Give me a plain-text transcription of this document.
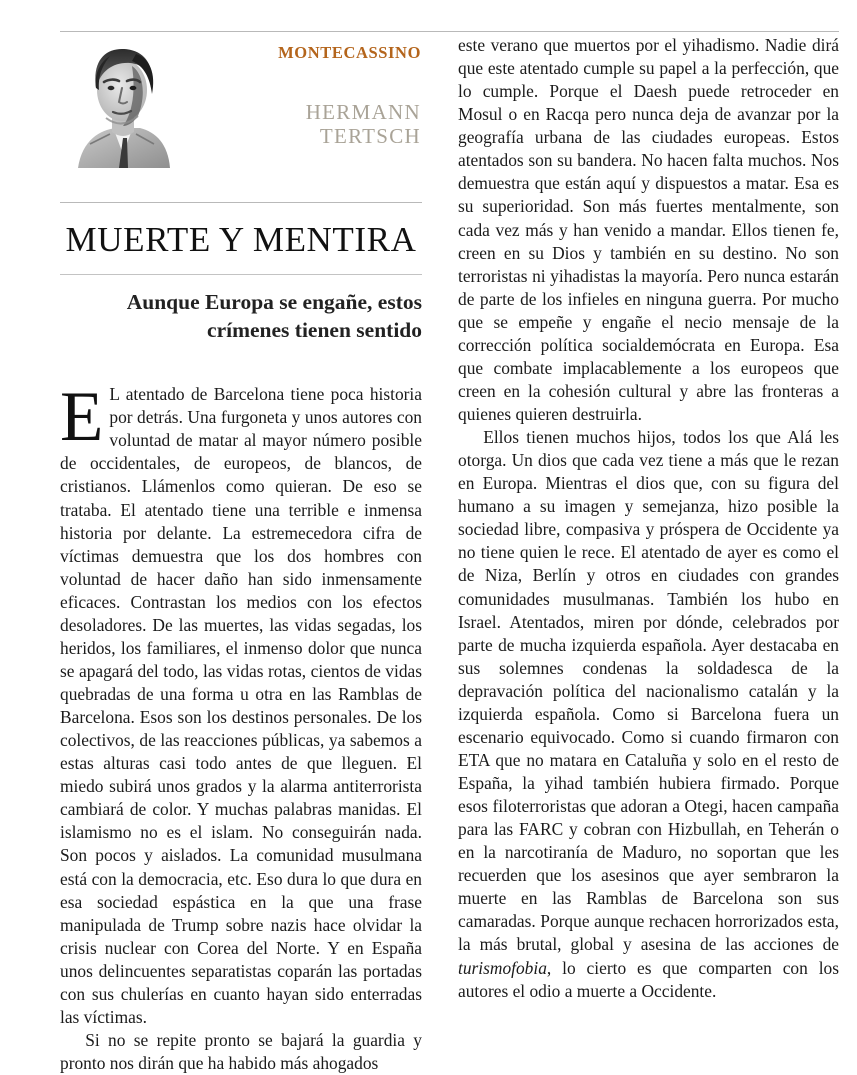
MONTECASSINO
HERMANN
TERTSCH
MUERTE Y MENTIRA
Aunque Europa se engañe, estos crímenes tienen sentido

E L atentado de Barcelona tiene poca historia por detrás. Una furgoneta y unos autores con voluntad de matar al mayor número posible de occidentales, de europeos, de blancos, de cristianos. Llámenlos como quieran. De eso se trataba. El atentado tiene una terrible e inmensa historia por delante. La estremecedora cifra de víctimas demuestra que los dos hombres con voluntad de hacer daño han sido inmensamente eficaces. Contrastan los medios con los efectos desoladores. De las muertes, las vidas segadas, los heridos, los familiares, el inmenso dolor que nunca se apagará del todo, las vidas rotas, cientos de vidas quebradas de una forma u otra en las Ramblas de Barcelona. Esos son los destinos personales. De los colectivos, de las reacciones públicas, ya sabemos a estas alturas casi todo antes de que lleguen. El miedo subirá unos grados y la alarma antiterrorista cambiará de color. Y muchas palabras manidas. El islamismo no es el islam. No conseguirán nada. Son pocos y aislados. La comunidad musulmana está con la democracia, etc. Eso dura lo que dura en esa sociedad espástica en la que una frase manipulada de Trump sobre nazis hace olvidar la crisis nuclear con Corea del Norte. Y en España unos delincuentes separatistas coparán las portadas con sus chulerías en cuanto hayan sido enterradas las víctimas.

Si no se repite pronto se bajará la guardia y pronto nos dirán que ha habido más ahogados

este verano que muertos por el yihadismo. Nadie dirá que este atentado cumple su papel a la perfección, que lo cumple. Porque el Daesh puede retroceder en Mosul o en Racqa pero nunca deja de avanzar por la geografía urbana de las ciudades europeas. Estos atentados son su bandera. No hacen falta muchos. Nos demuestra que están aquí y dispuestos a matar. Esa es su superioridad. Son más fuertes mentalmente, son cada vez más y han venido a mandar. Ellos tienen fe, creen en su Dios y también en su destino. No son terroristas ni yihadistas la mayoría. Pero nunca estarán de parte de los infieles en ninguna guerra. Por mucho que se empeñe y engañe el necio mensaje de la corrección política socialdemócrata en Europa. Esa que combate implacablemente a los europeos que creen en la cohesión cultural y abre las fronteras a quienes quieren destruirla.

Ellos tienen muchos hijos, todos los que Alá les otorga. Un dios que cada vez tiene a más que le rezan en Europa. Mientras el dios que, con su figura del humano a su imagen y semejanza, hizo posible la sociedad libre, compasiva y próspera de Occidente ya no tiene quien le rece. El atentado de ayer es como el de Niza, Berlín y otros en ciudades con grandes comunidades musulmanas. También los hubo en Israel. Atentados, miren por dónde, celebrados por parte de mucha izquierda española. Ayer destacaba en sus solemnes condenas la soldadesca de la depravación política del nacionalismo catalán y la izquierda española. Como si Barcelona fuera un escenario equivocado. Como si cuando firmaron con ETA que no matara en Cataluña y solo en el resto de España, la yihad también hubiera firmado. Porque esos filoterroristas que adoran a Otegi, hacen campaña para las FARC y cobran con Hizbullah, en Teherán o en la narcotiranía de Maduro, no soportan que les recuerden que los asesinos que ayer sembraron la muerte en las Ramblas de Barcelona son sus camaradas. Porque aunque rechacen horrorizados esta, la más brutal, global y asesina de las acciones de turismofobia, lo cierto es que comparten con los autores el odio a muerte a Occidente.
